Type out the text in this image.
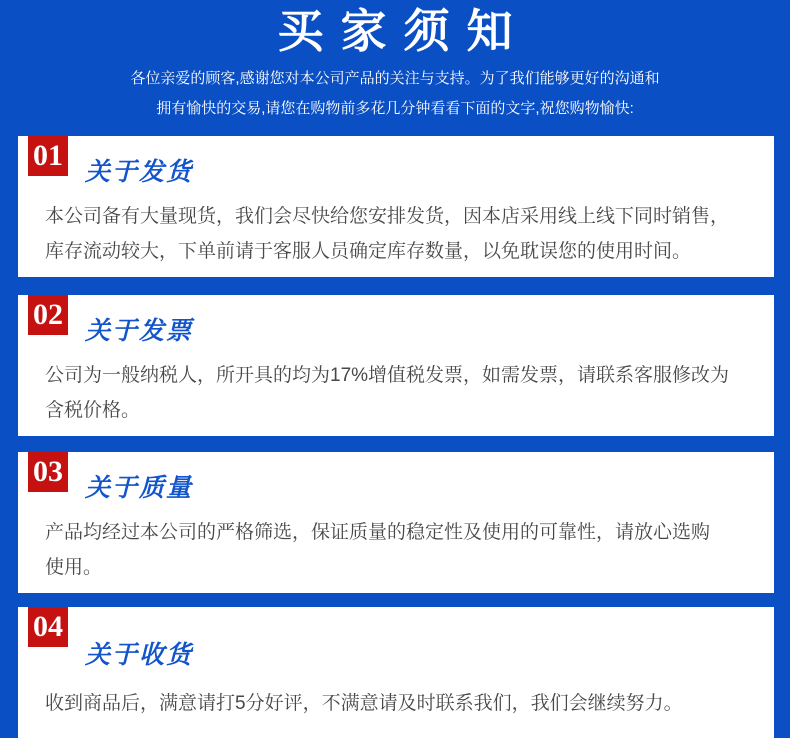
买家须知
各位亲爱的顾客,感谢您对本公司产品的关注与支持。为了我们能够更好的沟通和
拥有愉快的交易,请您在购物前多花几分钟看看下面的文字,祝您购物愉快:
01 关于发货

本公司备有大量现货，我们会尽快给您安排发货，因本店采用线上线下同时销售，库存流动较大，下单前请于客服人员确定库存数量，以免耽误您的使用时间。

02 关于发票

公司为一般纳税人，所开具的均为17%增值税发票，如需发票，请联系客服修改为含税价格。

03 关于质量

产品均经过本公司的严格筛选，保证质量的稳定性及使用的可靠性，请放心选购使用。

04
关于收货

收到商品后，满意请打5分好评，不满意请及时联系我们，我们会继续努力。
